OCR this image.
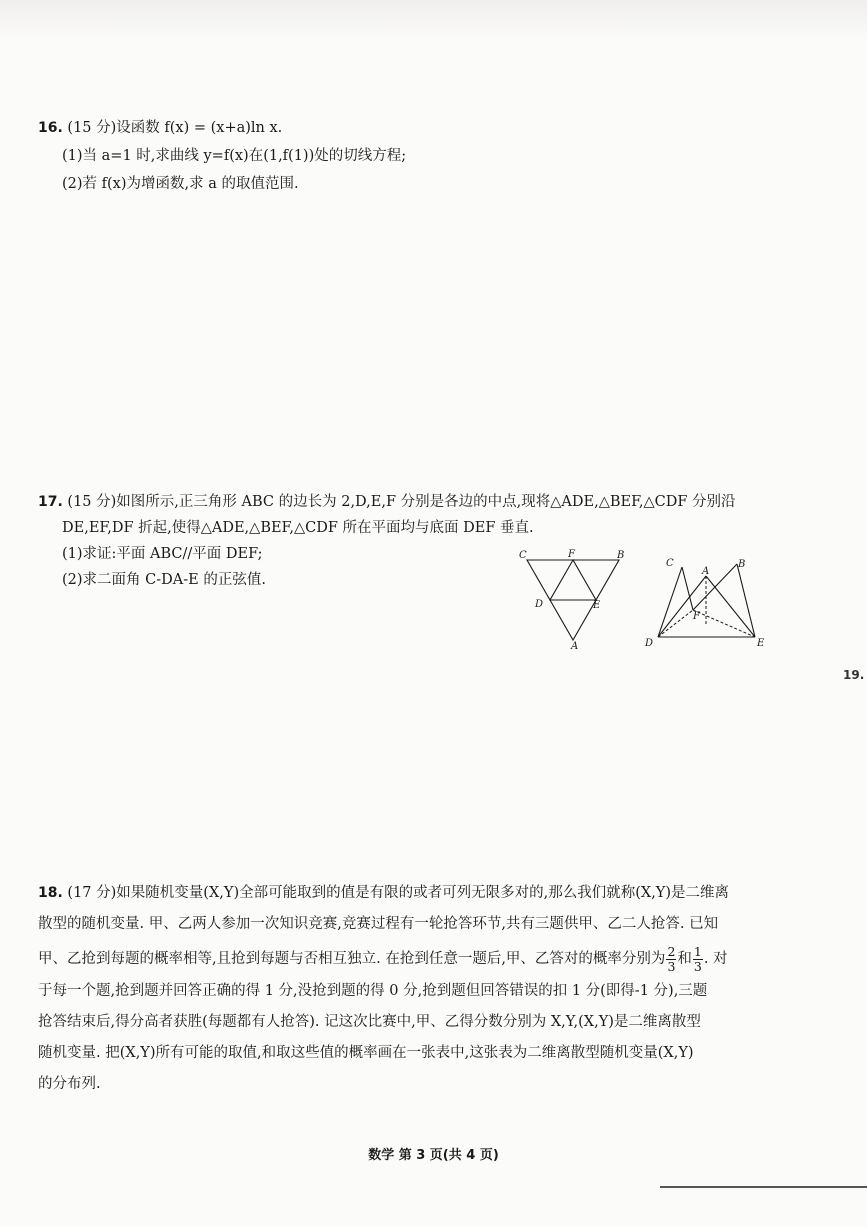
16. (15 分)设函数 f(x) = (x+a)ln x.
(1)当 a=1 时,求曲线 y=f(x)在(1,f(1))处的切线方程;
(2)若 f(x)为增函数,求 a 的取值范围.
17. (15 分)如图所示,正三角形 ABC 的边长为 2,D,E,F 分别是各边的中点,现将△ADE,△BEF,△CDF 分别沿
DE,EF,DF 折起,使得△ADE,△BEF,△CDF 所在平面均与底面 DEF 垂直.
(1)求证:平面 ABC//平面 DEF;
(2)求二面角 C-DA-E 的正弦值.
C	F	B
D	E
A
C
A
B
F
D	E
18. (17 分)如果随机变量(X,Y)全部可能取到的值是有限的或者可列无限多对的,那么我们就称(X,Y)是二维离
散型的随机变量. 甲、乙两人参加一次知识竞赛,竞赛过程有一轮抢答环节,共有三题供甲、乙二人抢答. 已知
甲、乙抢到每题的概率相等,且抢到每题与否相互独立. 在抢到任意一题后,甲、乙答对的概率分别为 $\frac{2}{3}$ 和 $\frac{1}{3}$ . 对
于每一个题,抢到题并回答正确的得 1 分,没抢到题的得 0 分,抢到题但回答错误的扣 1 分(即得-1 分),三题
抢答结束后,得分高者获胜(每题都有人抢答). 记这次比赛中,甲、乙得分数分别为 X,Y,(X,Y)是二维离散型
随机变量. 把(X,Y)所有可能的取值,和取这些值的概率画在一张表中,这张表为二维离散型随机变量(X,Y)
的分布列.
数学 第 3 页(共 4 页)
19.
